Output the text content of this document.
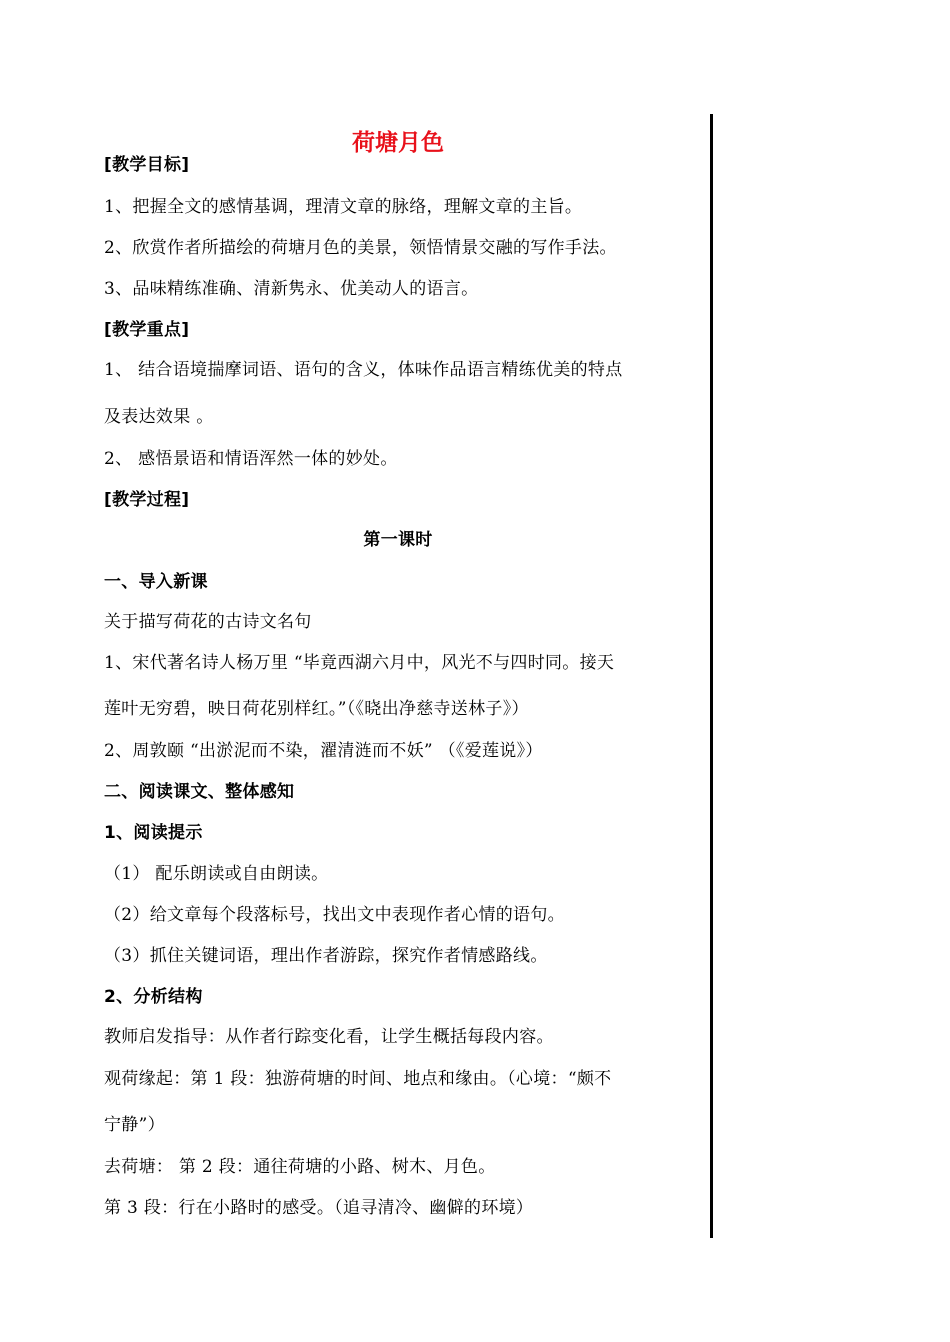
荷塘月色
[教学目标]
1、把握全文的感情基调，理清文章的脉络，理解文章的主旨。
2、欣赏作者所描绘的荷塘月色的美景，领悟情景交融的写作手法。
3、品味精练准确、清新隽永、优美动人的语言。
[教学重点]
1、 结合语境揣摩词语、语句的含义，体味作品语言精练优美的特点
及表达效果 。
2、 感悟景语和情语浑然一体的妙处。
[教学过程]
第一课时
一、导入新课
关于描写荷花的古诗文名句
1、宋代著名诗人杨万里 “毕竟西湖六月中，风光不与四时同。接天
莲叶无穷碧，映日荷花别样红。”（《晓出净慈寺送林子》）
2、周敦颐 “出淤泥而不染，濯清涟而不妖” （《爱莲说》）
二、阅读课文、整体感知
1、阅读提示
（1） 配乐朗读或自由朗读。
（2）给文章每个段落标号，找出文中表现作者心情的语句。
（3）抓住关键词语，理出作者游踪，探究作者情感路线。
2、分析结构
教师启发指导：从作者行踪变化看，让学生概括每段内容。
观荷缘起：第 1 段：独游荷塘的时间、地点和缘由。（心境：“颇不
宁静”）
去荷塘： 第 2 段：通往荷塘的小路、树木、月色。
第 3 段：行在小路时的感受。（追寻清冷、幽僻的环境）
